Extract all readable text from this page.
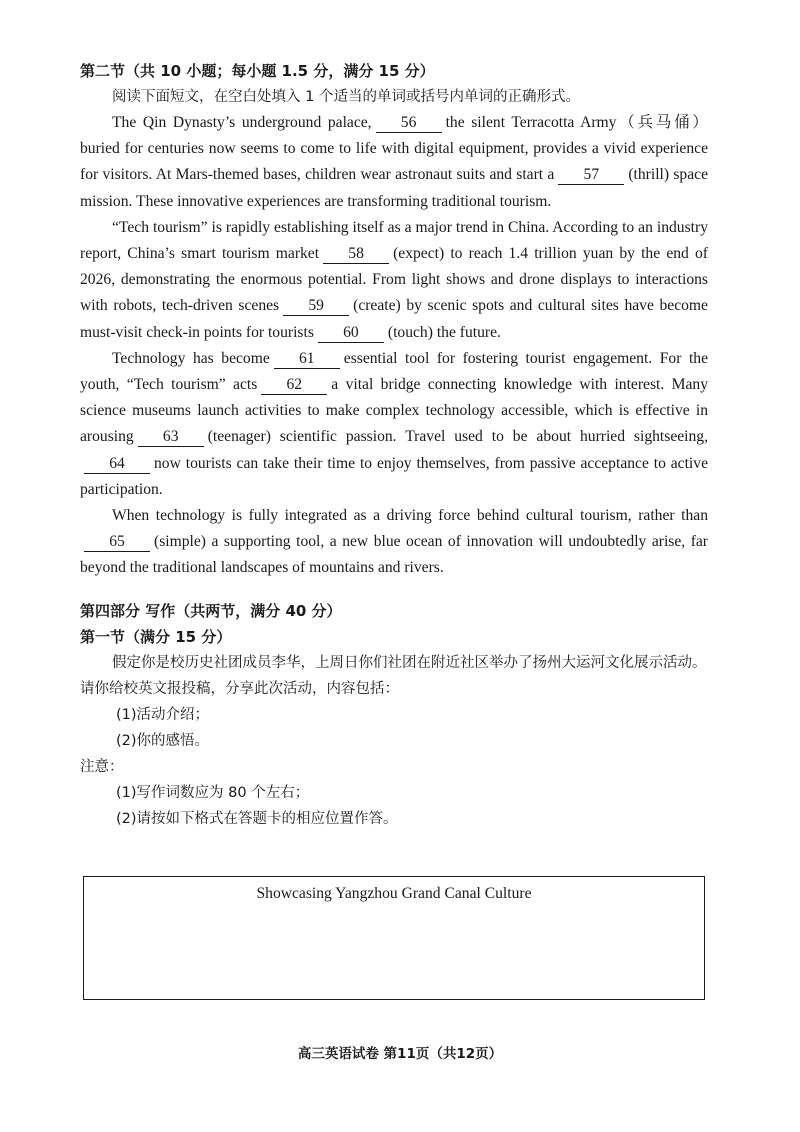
第二节（共 10 小题；每小题 1.5 分，满分 15 分）
阅读下面短文，在空白处填入 1 个适当的单词或括号内单词的正确形式。

The Qin Dynasty’s underground palace, 56 the silent Terracotta Army（兵马俑）buried for centuries now seems to come to life with digital equipment, provides a vivid experience for visitors. At Mars-themed bases, children wear astronaut suits and start a 57 (thrill) space mission. These innovative experiences are transforming traditional tourism.

“Tech tourism” is rapidly establishing itself as a major trend in China. According to an industry report, China’s smart tourism market 58 (expect) to reach 1.4 trillion yuan by the end of 2026, demonstrating the enormous potential. From light shows and drone displays to interactions with robots, tech-driven scenes 59 (create) by scenic spots and cultural sites have become must-visit check-in points for tourists 60 (touch) the future.

Technology has become 61 essential tool for fostering tourist engagement. For the youth, “Tech tourism” acts 62 a vital bridge connecting knowledge with interest. Many science museums launch activities to make complex technology accessible, which is effective in arousing 63 (teenager) scientific passion. Travel used to be about hurried sightseeing,64 now tourists can take their time to enjoy themselves, from passive acceptance to active participation.

When technology is fully integrated as a driving force behind cultural tourism, rather than65 (simple) a supporting tool, a new blue ocean of innovation will undoubtedly arise, far beyond the traditional landscapes of mountains and rivers.

第四部分 写作（共两节，满分 40 分）
第一节（满分 15 分）
假定你是校历史社团成员李华，上周日你们社团在附近社区举办了扬州大运河文化展示活动。请你给校英文报投稿，分享此次活动，内容包括：
(1)活动介绍；
(2)你的感悟。
注意：
(1)写作词数应为 80 个左右；
(2)请按如下格式在答题卡的相应位置作答。
Showcasing Yangzhou Grand Canal Culture
高三英语试卷 第11页（共12页）
